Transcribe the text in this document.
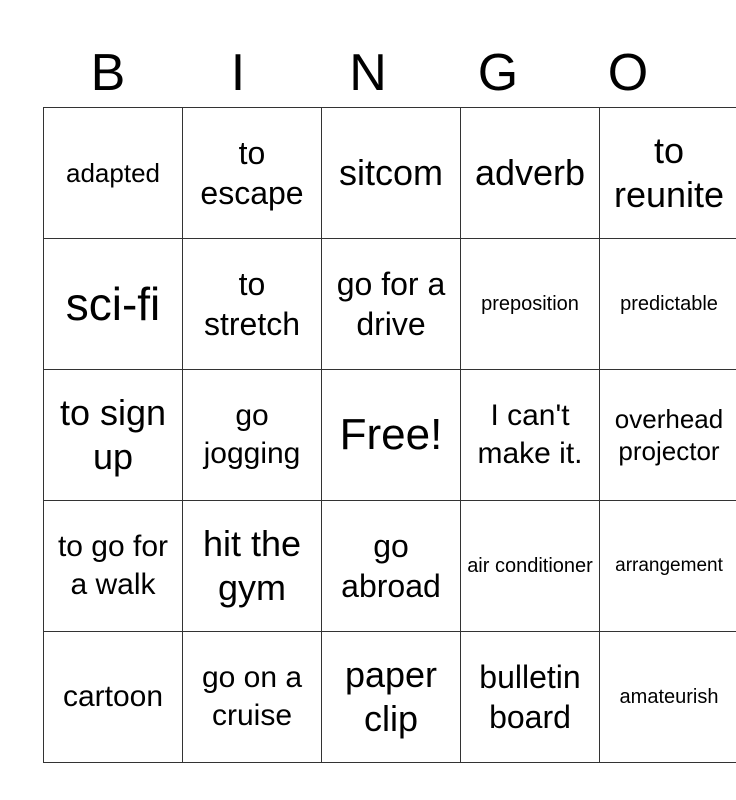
B	I	N	G	O
adapted	to escape	sitcom	adverb	to reunite
sci-fi	to stretch	go for a drive	preposition	predictable
to sign up	go jogging	Free!	I can't make it.	overhead projector
to go for a walk	hit the gym	go abroad	air conditioner	arrangement
cartoon	go on a cruise	paper clip	bulletin board	amateurish
